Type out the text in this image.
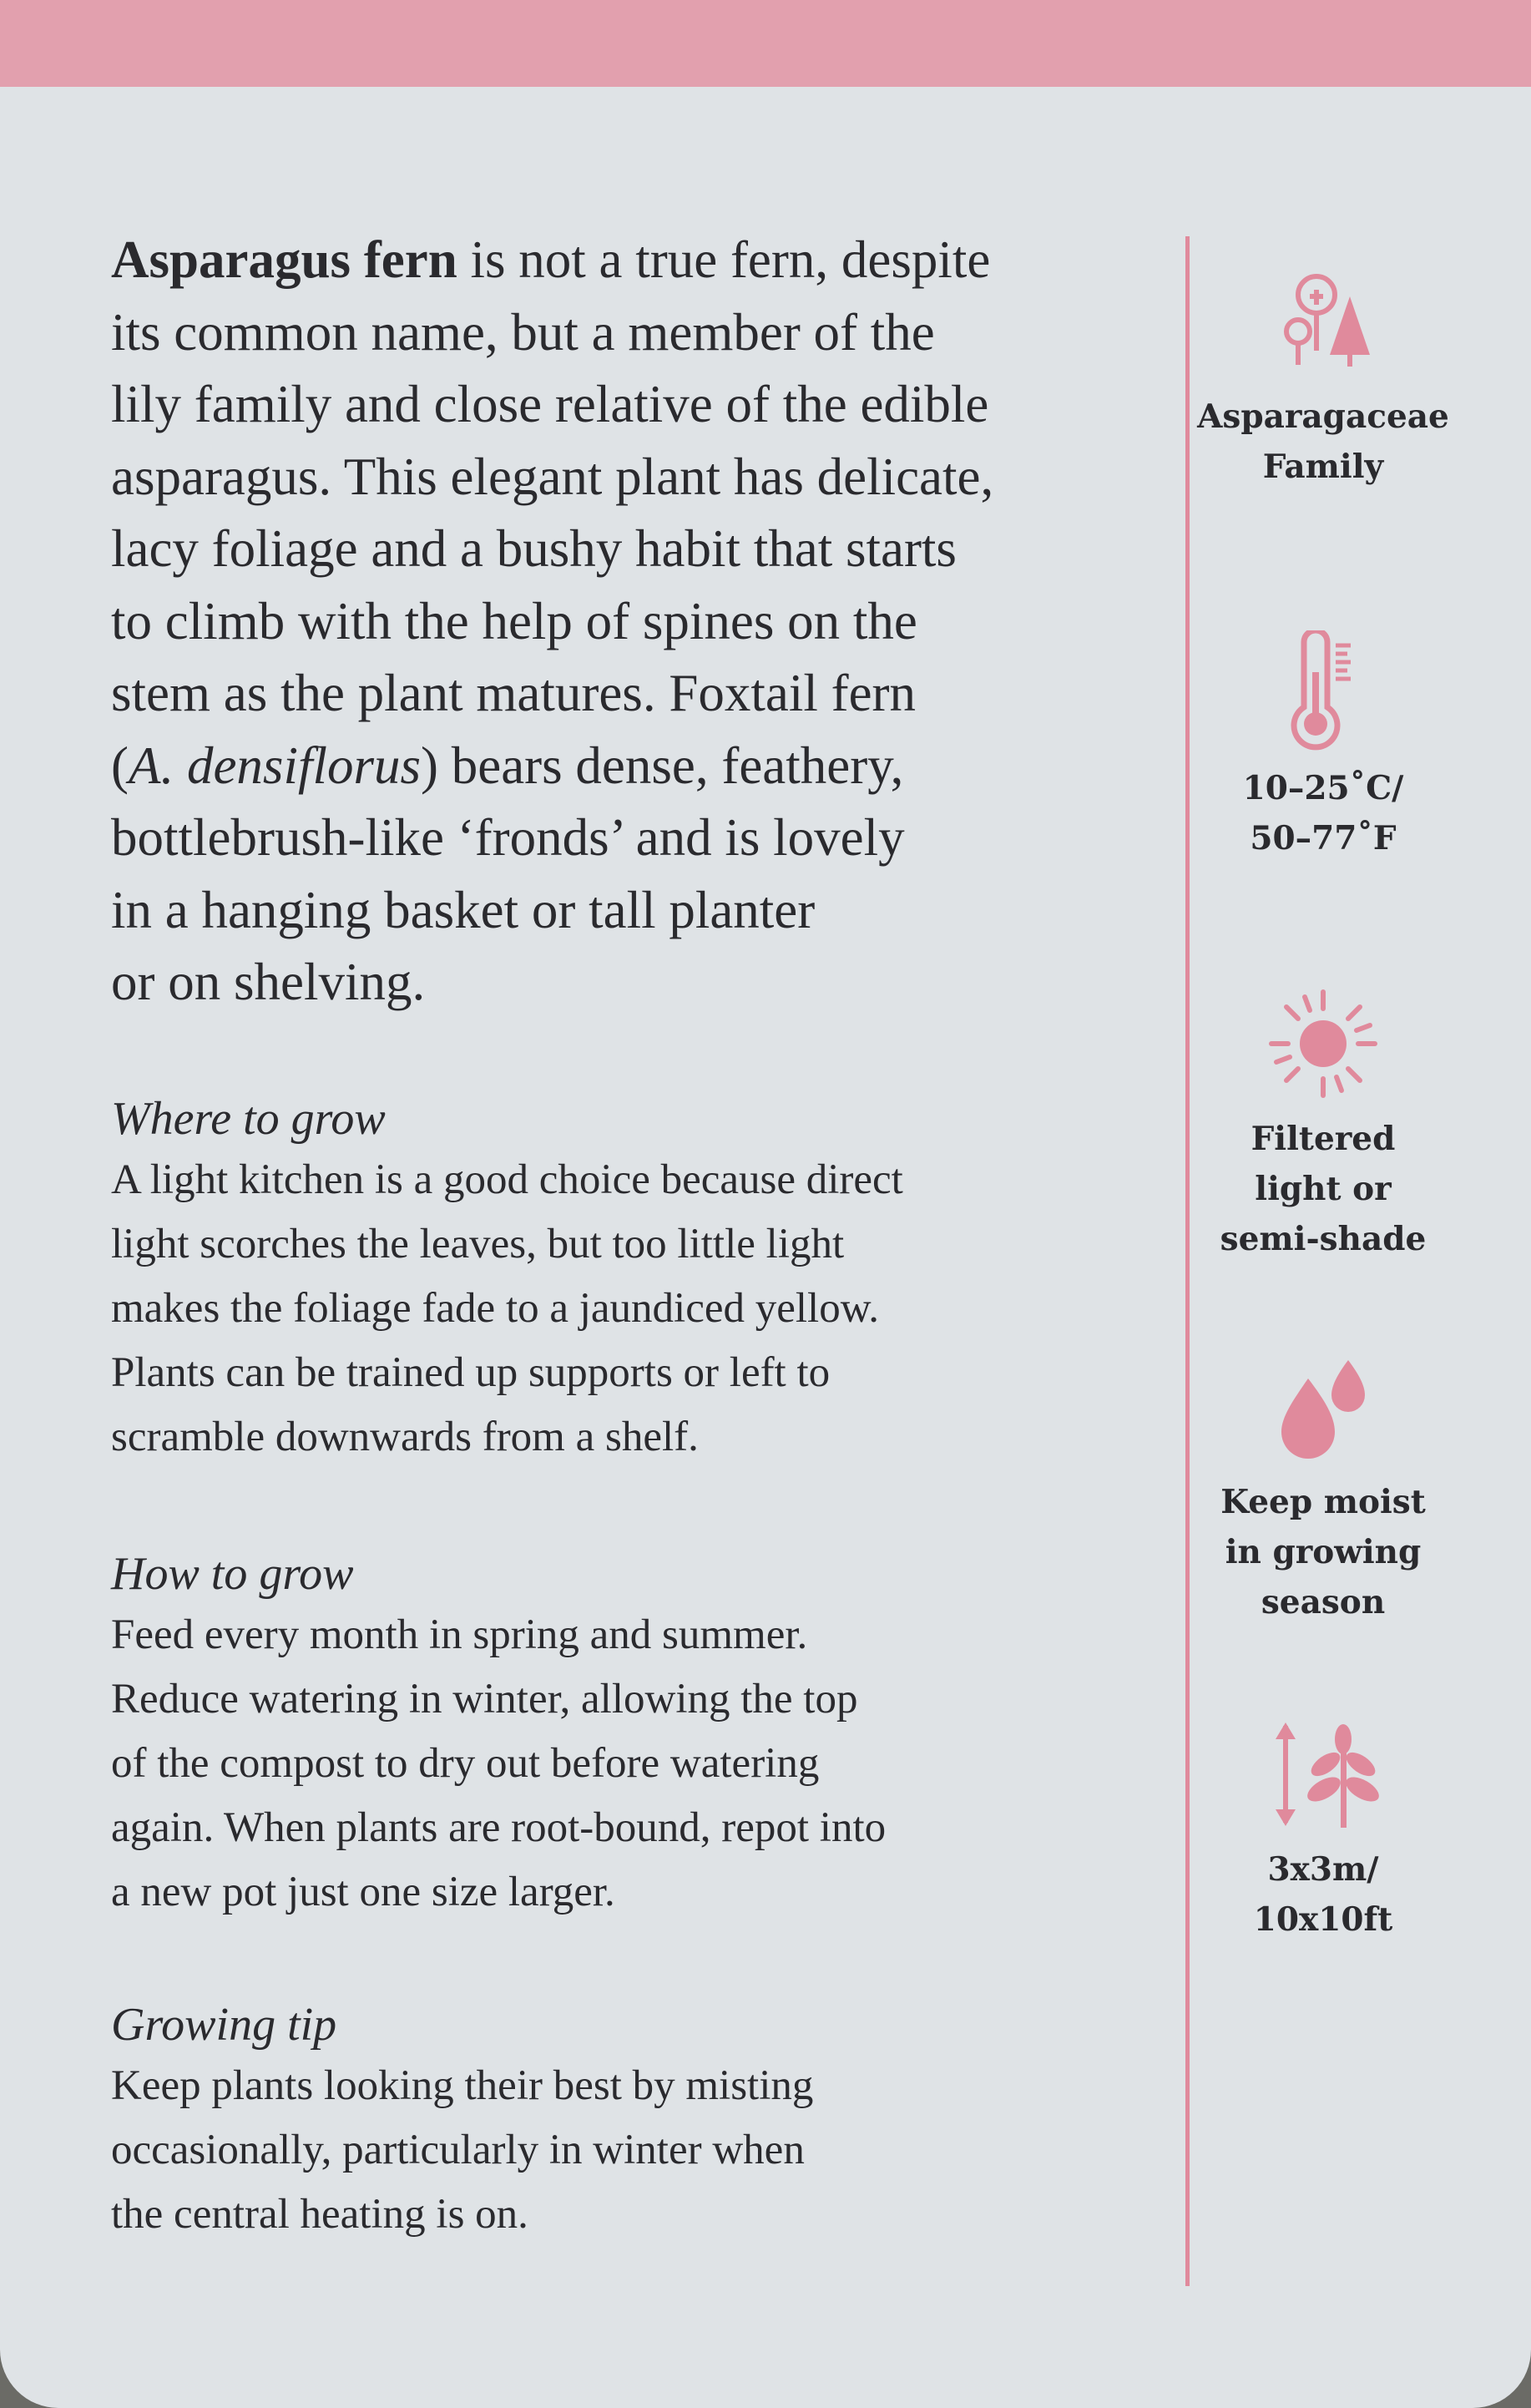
Asparagus fern is not a true fern, despite
its common name, but a member of the
lily family and close relative of the edible
asparagus. This elegant plant has delicate,
lacy foliage and a bushy habit that starts
to climb with the help of spines on the
stem as the plant matures. Foxtail fern
(A. densiflorus) bears dense, feathery,
bottlebrush-like ‘fronds’ and is lovely
in a hanging basket or tall planter
or on shelving.

Where to grow

A light kitchen is a good choice because direct
light scorches the leaves, but too little light
makes the foliage fade to a jaundiced yellow.
Plants can be trained up supports or left to
scramble downwards from a shelf.

How to grow

Feed every month in spring and summer.
Reduce watering in winter, allowing the top
of the compost to dry out before watering
again. When plants are root-bound, repot into
a new pot just one size larger.

Growing tip

Keep plants looking their best by misting
occasionally, particularly in winter when
the central heating is on.

Asparagaceae
Family
10–25˚C/
50–77˚F
Filtered
light or
semi-shade
Keep moist
in growing
season
3x3m/
10x10ft
